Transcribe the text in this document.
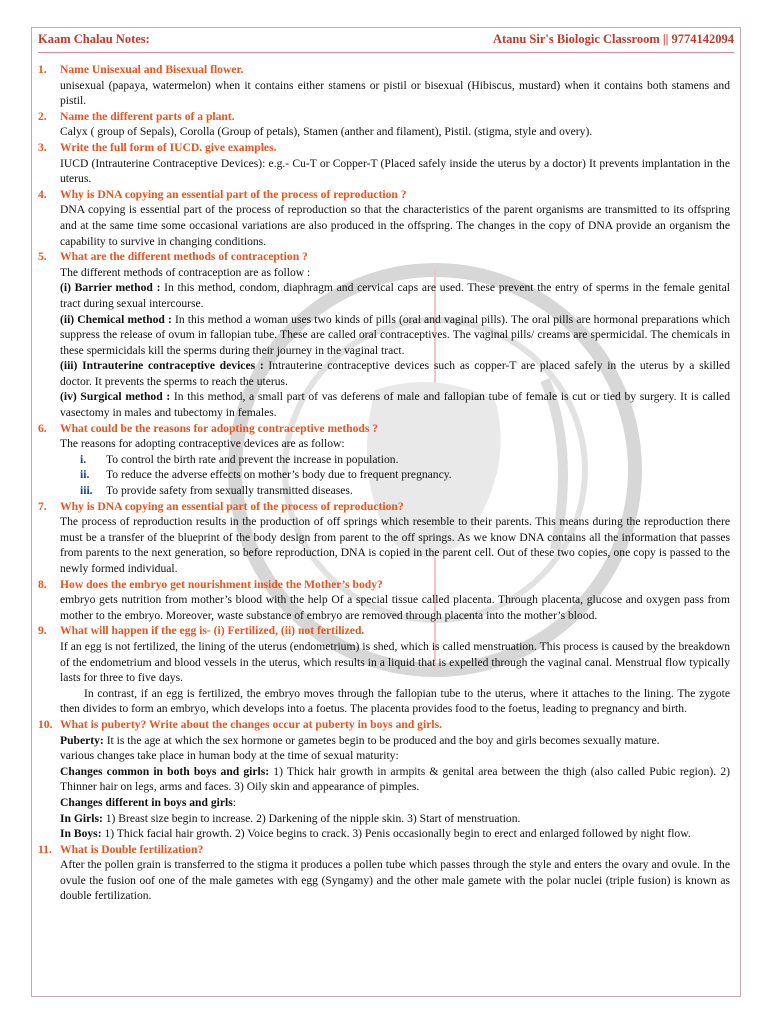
Kaam Chalau Notes:	Atanu Sir's Biologic Classroom || 9774142094
1.	Name Unisexual and Bisexual flower.

unisexual (papaya, watermelon) when it contains either stamens or pistil or bisexual (Hibiscus, mustard) when it contains both stamens and pistil.

2.	Name the different parts of a plant.

Calyx ( group of Sepals), Corolla (Group of petals), Stamen (anther and filament), Pistil. (stigma, style and overy).

3.	Write the full form of IUCD. give examples.

IUCD (Intrauterine Contraceptive Devices): e.g.- Cu-T or Copper-T (Placed safely inside the uterus by a doctor) It prevents implantation in the uterus.

4.	Why is DNA copying an essential part of the process of reproduction ?

DNA copying is essential part of the process of reproduction so that the characteristics of the parent organisms are transmitted to its offspring and at the same time some occasional variations are also produced in the offspring. The changes in the copy of DNA provide an organism the capability to survive in changing conditions.

5.	What are the different methods of contraception ?

The different methods of contraception are as follow :

(i) Barrier method : In this method, condom, diaphragm and cervical caps are used. These prevent the entry of sperms in the female genital tract during sexual intercourse.

(ii) Chemical method : In this method a woman uses two kinds of pills (oral and vaginal pills). The oral pills are hormonal preparations which suppress the release of ovum in fallopian tube. These are called oral contraceptives. The vaginal pills/ creams are spermicidal. The chemicals in these spermicidals kill the sperms during their journey in the vaginal tract.

(iii) Intrauterine contraceptive devices : Intrauterine contraceptive devices such as copper-T are placed safely in the uterus by a skilled doctor. It prevents the sperms to reach the uterus.

(iv) Surgical method : In this method, a small part of vas deferens of male and fallopian tube of female is cut or tied by surgery. It is called vasectomy in males and tubectomy in females.

6.	What could be the reasons for adopting contraceptive methods ?

The reasons for adopting contraceptive devices are as follow:

i.	To control the birth rate and prevent the increase in population.
ii.	To reduce the adverse effects on mother’s body due to frequent pregnancy.
iii.	To provide safety from sexually transmitted diseases.
7.	Why is DNA copying an essential part of the process of reproduction?

The process of reproduction results in the production of off springs which resemble to their parents. This means during the reproduction there must be a transfer of the blueprint of the body design from parent to the off springs. As we know DNA contains all the information that passes from parents to the next generation, so before reproduction, DNA is copied in the parent cell. Out of these two copies, one copy is passed to the newly formed individual.

8.	How does the embryo get nourishment inside the Mother’s body?

embryo gets nutrition from mother’s blood with the help Of a special tissue called placenta. Through placenta, glucose and oxygen pass from mother to the embryo. Moreover, waste substance of embryo are removed through placenta into the mother’s blood.

9.	What will happen if the egg is- (i) Fertilized, (ii) not fertilized.

If an egg is not fertilized, the lining of the uterus (endometrium) is shed, which is called menstruation. This process is caused by the breakdown of the endometrium and blood vessels in the uterus, which results in a liquid that is expelled through the vaginal canal. Menstrual flow typically lasts for three to five days.

In contrast, if an egg is fertilized, the embryo moves through the fallopian tube to the uterus, where it attaches to the lining. The zygote then divides to form an embryo, which develops into a foetus. The placenta provides food to the foetus, leading to pregnancy and birth.

10. What is puberty? Write about the changes occur at puberty in boys and girls.

Puberty: It is the age at which the sex hormone or gametes begin to be produced and the boy and girls becomes sexually mature.

various changes take place in human body at the time of sexual maturity:

Changes common in both boys and girls: 1) Thick hair growth in armpits & genital area between the thigh (also called Pubic region). 2) Thinner hair on legs, arms and faces. 3) Oily skin and appearance of pimples.

Changes different in boys and girls:

In Girls: 1) Breast size begin to increase. 2) Darkening of the nipple skin. 3) Start of menstruation.

In Boys: 1) Thick facial hair growth. 2) Voice begins to crack. 3) Penis occasionally begin to erect and enlarged followed by night flow.

11. What is Double fertilization?

After the pollen grain is transferred to the stigma it produces a pollen tube which passes through the style and enters the ovary and ovule. In the ovule the fusion oof one of the male gametes with egg (Syngamy) and the other male gamete with the polar nuclei (triple fusion) is known as double fertilization.
